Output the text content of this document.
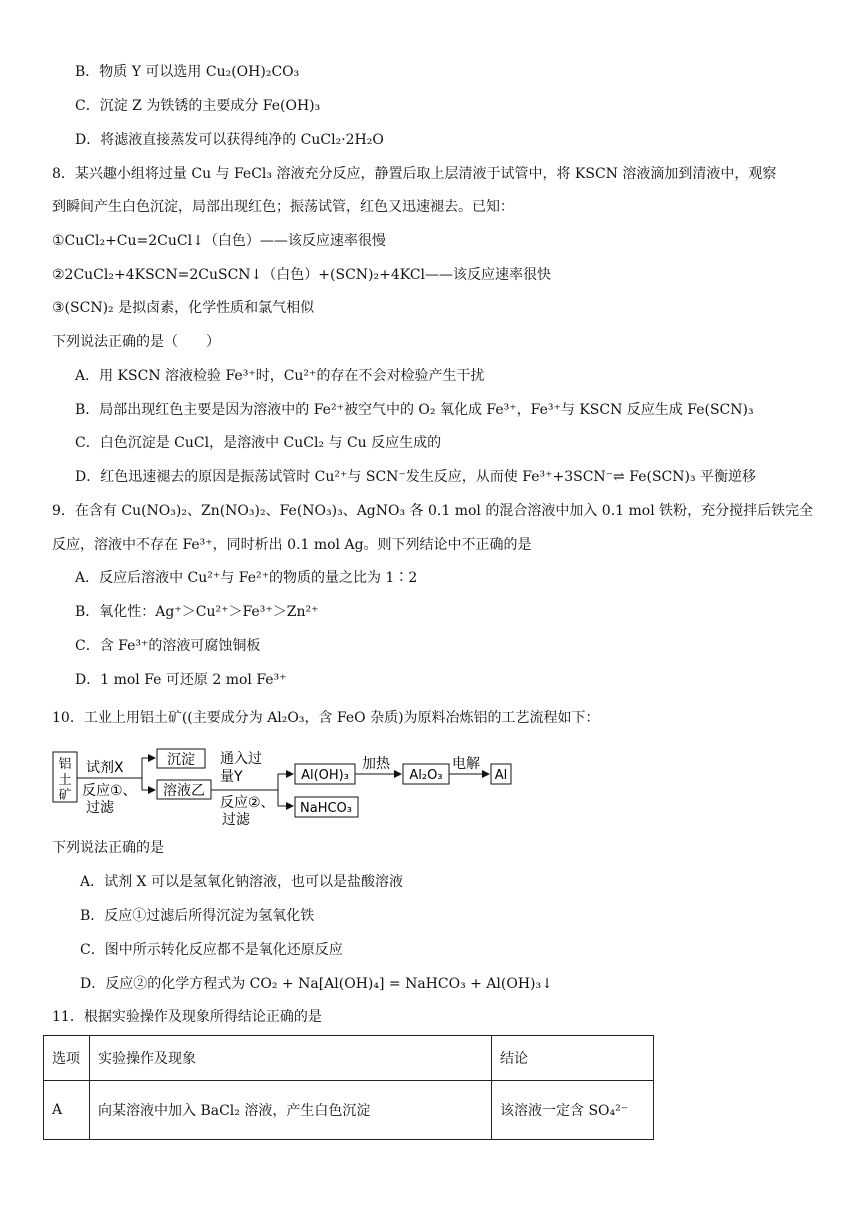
B．物质 Y 可以选用 Cu₂(OH)₂CO₃
C．沉淀 Z 为铁锈的主要成分 Fe(OH)₃
D．将滤液直接蒸发可以获得纯净的 CuCl₂·2H₂O
8．某兴趣小组将过量 Cu 与 FeCl₃ 溶液充分反应，静置后取上层清液于试管中，将 KSCN 溶液滴加到清液中，观察
到瞬间产生白色沉淀，局部出现红色；振荡试管，红色又迅速褪去。已知：
①CuCl₂+Cu=2CuCl↓（白色）——该反应速率很慢
②2CuCl₂+4KSCN=2CuSCN↓（白色）+(SCN)₂+4KCl——该反应速率很快
③(SCN)₂ 是拟卤素，化学性质和氯气相似
下列说法正确的是（　　）
A．用 KSCN 溶液检验 Fe³⁺时，Cu²⁺的存在不会对检验产生干扰
B．局部出现红色主要是因为溶液中的 Fe²⁺被空气中的 O₂ 氧化成 Fe³⁺，Fe³⁺与 KSCN 反应生成 Fe(SCN)₃
C．白色沉淀是 CuCl，是溶液中 CuCl₂ 与 Cu 反应生成的
D．红色迅速褪去的原因是振荡试管时 Cu²⁺与 SCN⁻发生反应，从而使 Fe³⁺+3SCN⁻⇌ Fe(SCN)₃ 平衡逆移
9．在含有 Cu(NO₃)₂、Zn(NO₃)₂、Fe(NO₃)₃、AgNO₃ 各 0.1 mol 的混合溶液中加入 0.1 mol 铁粉，充分搅拌后铁完全
反应，溶液中不存在 Fe³⁺，同时析出 0.1 mol Ag。则下列结论中不正确的是
A．反应后溶液中 Cu²⁺与 Fe²⁺的物质的量之比为 1∶2
B．氧化性：Ag⁺＞Cu²⁺＞Fe³⁺＞Zn²⁺
C．含 Fe³⁺的溶液可腐蚀铜板
D．1 mol Fe 可还原 2 mol Fe³⁺
10．工业上用铝土矿((主要成分为 Al₂O₃，含 FeO 杂质)为原料冶炼铝的工艺流程如下：
铝
土
矿
试剂X
反应①、
过滤
沉淀
溶液乙
通入过
量Y
反应②、
过滤
Al(OH)₃
NaHCO₃
加热
Al₂O₃
电解
Al
下列说法正确的是
A．试剂 X 可以是氢氧化钠溶液，也可以是盐酸溶液
B．反应①过滤后所得沉淀为氢氧化铁
C．图中所示转化反应都不是氧化还原反应
D．反应②的化学方程式为 CO₂ + Na[Al(OH)₄] = NaHCO₃ + Al(OH)₃↓
11．根据实验操作及现象所得结论正确的是
选项	实验操作及现象	结论
A	向某溶液中加入 BaCl₂ 溶液，产生白色沉淀	该溶液一定含 SO₄²⁻
